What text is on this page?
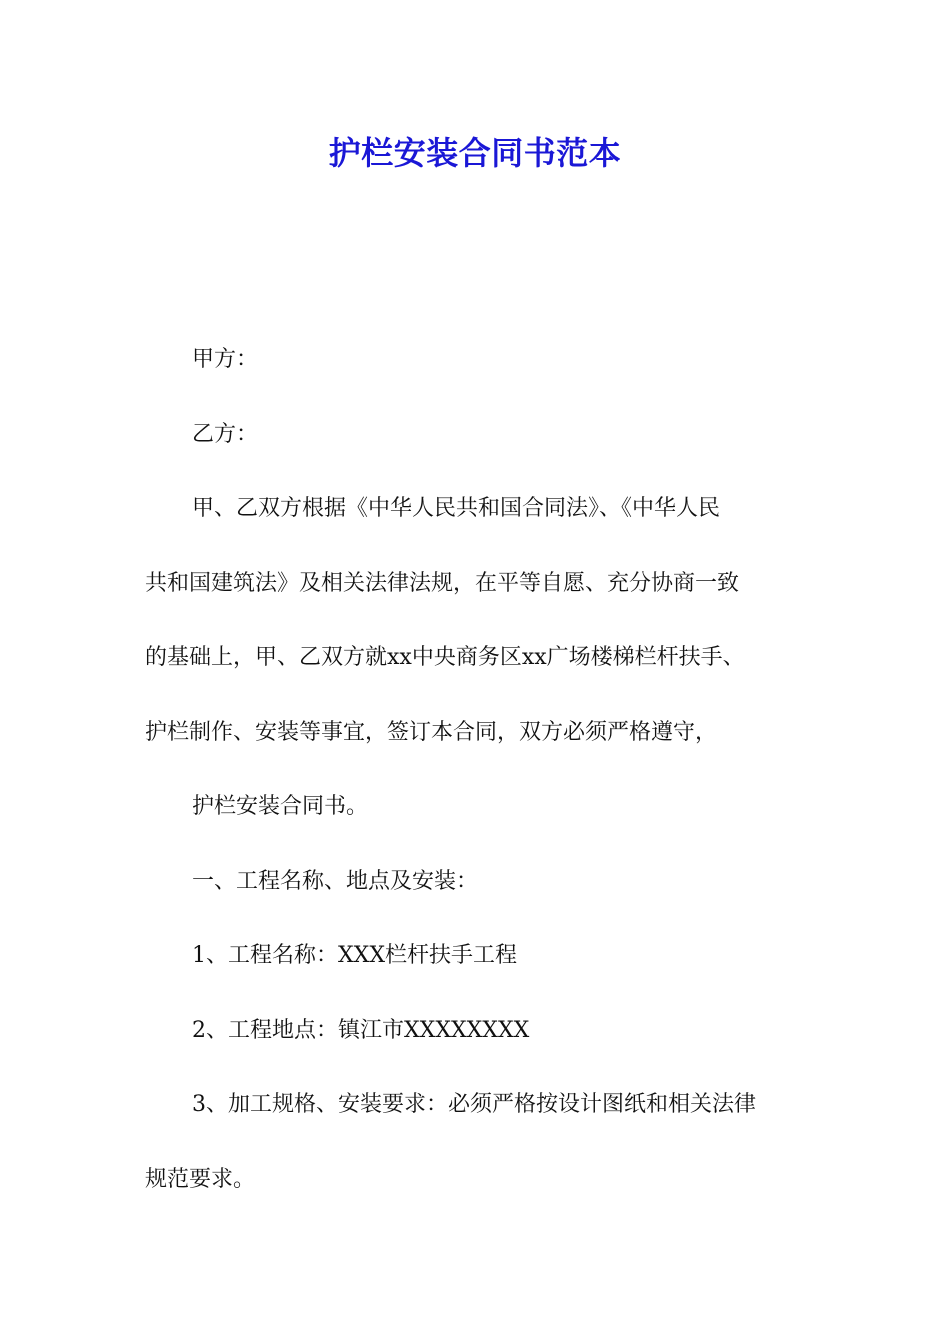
护栏安装合同书范本

甲方：

乙方：

甲、乙双方根据《中华人民共和国合同法》、《中华人民

共和国建筑法》及相关法律法规，在平等自愿、充分协商一致

的基础上，甲、乙双方就xx中央商务区xx广场楼梯栏杆扶手、

护栏制作、安装等事宜，签订本合同，双方必须严格遵守，

护栏安装合同书。

一、工程名称、地点及安装：

1、工程名称：XXX栏杆扶手工程

2、工程地点：镇江市XXXXXXXX

3、加工规格、安装要求：必须严格按设计图纸和相关法律

规范要求。
